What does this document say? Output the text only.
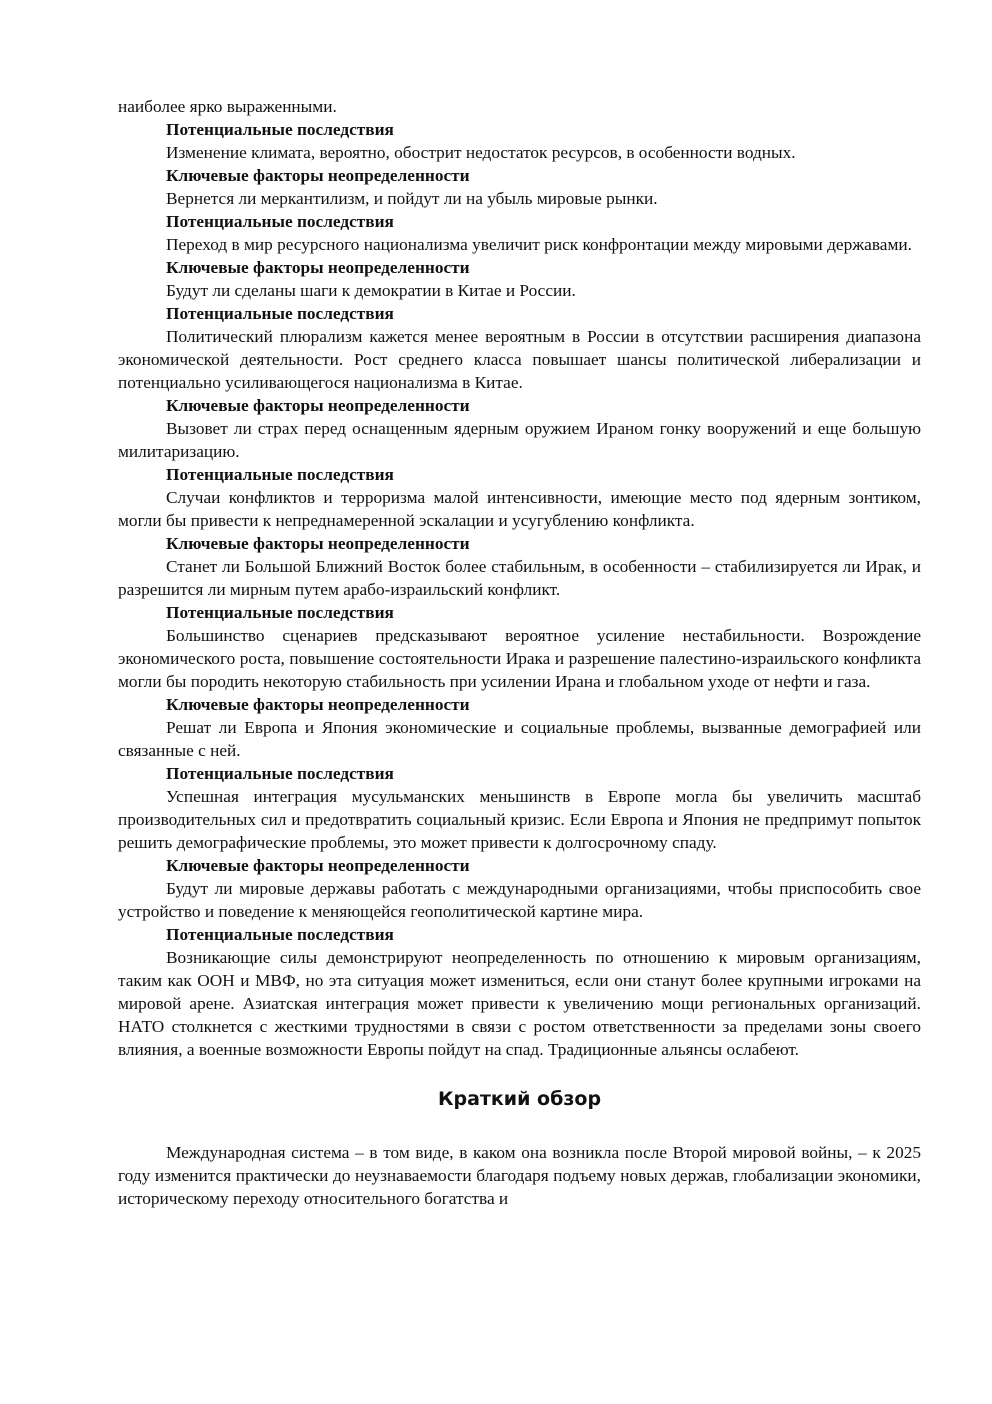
наиболее ярко выраженными.
Потенциальные последствия
Изменение климата, вероятно, обострит недостаток ресурсов, в особенности водных.
Ключевые факторы неопределенности
Вернется ли меркантилизм, и пойдут ли на убыль мировые рынки.
Потенциальные последствия
Переход в мир ресурсного национализма увеличит риск конфронтации между мировыми державами.
Ключевые факторы неопределенности
Будут ли сделаны шаги к демократии в Китае и России.
Потенциальные последствия
Политический плюрализм кажется менее вероятным в России в отсутствии расширения диапазона экономической деятельности. Рост среднего класса повышает шансы политической либерализации и потенциально усиливающегося национализма в Китае.
Ключевые факторы неопределенности
Вызовет ли страх перед оснащенным ядерным оружием Ираном гонку вооружений и еще большую милитаризацию.
Потенциальные последствия
Случаи конфликтов и терроризма малой интенсивности, имеющие место под ядерным зонтиком, могли бы привести к непреднамеренной эскалации и усугублению конфликта.
Ключевые факторы неопределенности
Станет ли Большой Ближний Восток более стабильным, в особенности – стабилизируется ли Ирак, и разрешится ли мирным путем арабо-израильский конфликт.
Потенциальные последствия
Большинство сценариев предсказывают вероятное усиление нестабильности. Возрождение экономического роста, повышение состоятельности Ирака и разрешение палестино-израильского конфликта могли бы породить некоторую стабильность при усилении Ирана и глобальном уходе от нефти и газа.
Ключевые факторы неопределенности
Решат ли Европа и Япония экономические и социальные проблемы, вызванные демографией или связанные с ней.
Потенциальные последствия
Успешная интеграция мусульманских меньшинств в Европе могла бы увеличить масштаб производительных сил и предотвратить социальный кризис. Если Европа и Япония не предпримут попыток решить демографические проблемы, это может привести к долгосрочному спаду.
Ключевые факторы неопределенности
Будут ли мировые державы работать с международными организациями, чтобы приспособить свое устройство и поведение к меняющейся геополитической картине мира.
Потенциальные последствия
Возникающие силы демонстрируют неопределенность по отношению к мировым организациям, таким как ООН и МВФ, но эта ситуация может измениться, если они станут более крупными игроками на мировой арене. Азиатская интеграция может привести к увеличению мощи региональных организаций. НАТО столкнется с жесткими трудностями в связи с ростом ответственности за пределами зоны своего влияния, а военные возможности Европы пойдут на спад. Традиционные альянсы ослабеют.
Краткий обзор
Международная система – в том виде, в каком она возникла после Второй мировой войны, – к 2025 году изменится практически до неузнаваемости благодаря подъему новых держав, глобализации экономики, историческому переходу относительного богатства и
